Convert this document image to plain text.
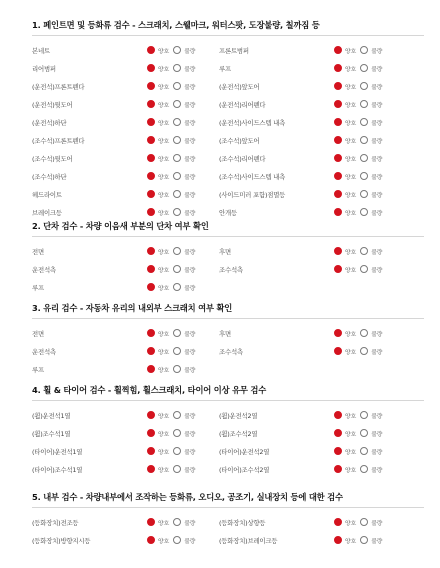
1. 페인트면 및 등화류 검수 - 스크래치, 스웰마크, 워터스팟, 도장불량, 칠까짐 등
본네트	양호	불량	프론트범퍼	양호	불량
리어범퍼	양호	불량	루프	양호	불량
(운전석)프론트펜다	양호	불량	(운전석)앞도어	양호	불량
(운전석)뒷도어	양호	불량	(운전석)리어펜다	양호	불량
(운전석)하단	양호	불량	(운전석)사이드스텝 내측	양호	불량
(조수석)프론트펜다	양호	불량	(조수석)앞도어	양호	불량
(조수석)뒷도어	양호	불량	(조수석)리어펜다	양호	불량
(조수석)하단	양호	불량	(조수석)사이드스텝 내측	양호	불량
헤드라이트	양호	불량	(사이드미러 포함)점멸등	양호	불량
브레이크등	양호	불량	안개등	양호	불량
2. 단차 검수 - 차량 이음새 부분의 단차 여부 확인
전면	양호	불량	후면	양호	불량
운전석측	양호	불량	조수석측	양호	불량
루프	양호	불량
3. 유리 검수 - 자동차 유리의 내외부 스크래치 여부 확인
전면	양호	불량	후면	양호	불량
운전석측	양호	불량	조수석측	양호	불량
루프	양호	불량
4. 휠 & 타이어 검수 - 휠찍힘, 휠스크래치, 타이어 이상 유무 검수
(휠)운전석1열	양호	불량	(휠)운전석2열	양호	불량
(휠)조수석1열	양호	불량	(휠)조수석2열	양호	불량
(타이어)운전석1열	양호	불량	(타이어)운전석2열	양호	불량
(타이어)조수석1열	양호	불량	(타이어)조수석2열	양호	불량
5. 내부 검수 - 차량내부에서 조작하는 등화류, 오디오, 공조기, 실내장치 등에 대한 검수
(등화장치)전조등	양호	불량	(등화장치)상향등	양호	불량
(등화장치)방향지시등	양호	불량	(등화장치)브레이크등	양호	불량
